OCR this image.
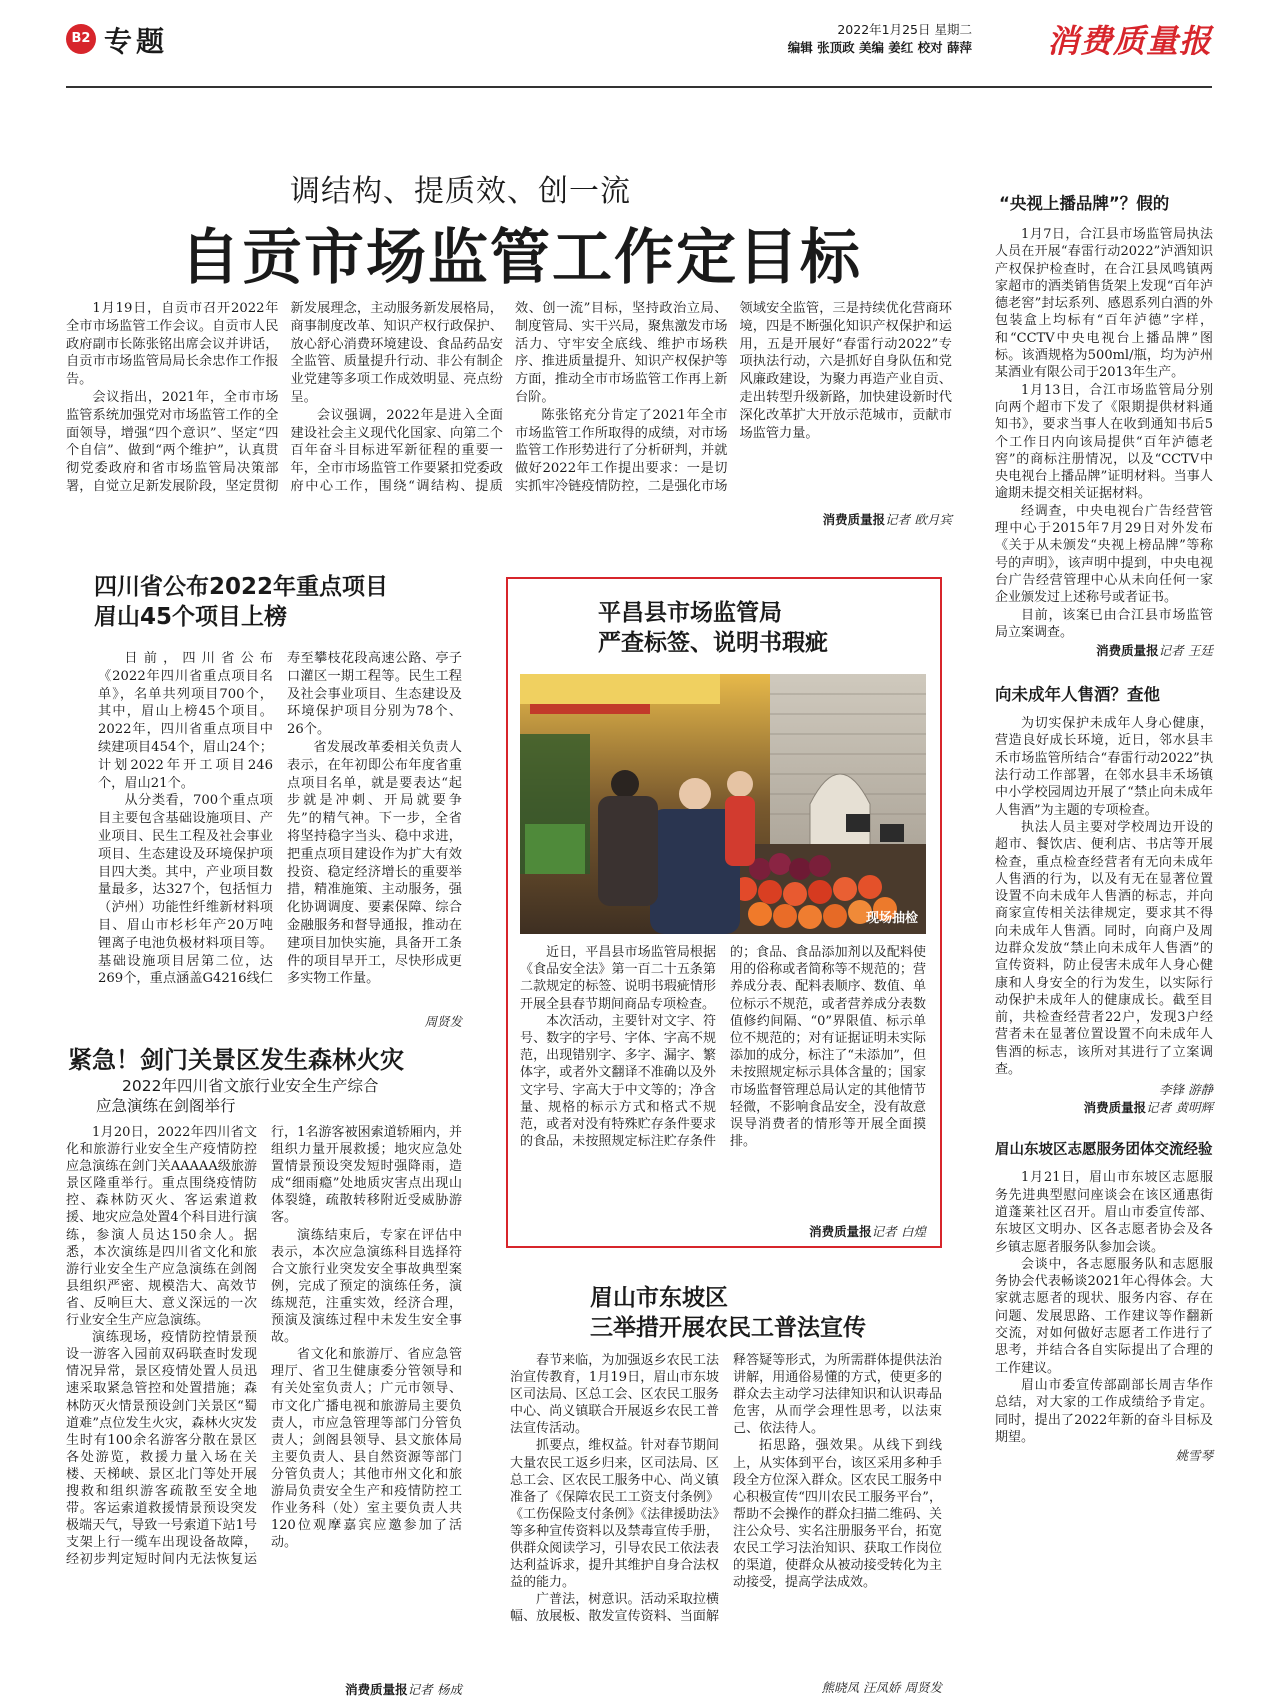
B2 专题	2022年1月25日 星期二
编辑 张顶政 美编 姜红 校对 薛萍 消费质量报
调结构、提质效、创一流
自贡市场监管工作定目标

1月19日，自贡市召开2022年全市市场监管工作会议。自贡市人民政府副市长陈张铭出席会议并讲话，自贡市市场监管局局长余忠作工作报告。

会议指出，2021年，全市市场监管系统加强党对市场监管工作的全面领导，增强“四个意识”、坚定“四个自信”、做到“两个维护”，认真贯彻党委政府和省市场监管局决策部署，自觉立足新发展阶段，坚定贯彻新发展理念，主动服务新发展格局，商事制度改革、知识产权行政保护、放心舒心消费环境建设、食品药品安全监管、质量提升行动、非公有制企业党建等多项工作成效明显、亮点纷呈。

会议强调，2022年是进入全面建设社会主义现代化国家、向第二个百年奋斗目标进军新征程的重要一年，全市市场监管工作要紧扣党委政府中心工作，围绕“调结构、提质效、创一流”目标，坚持政治立局、制度管局、实干兴局，聚焦激发市场活力、守牢安全底线、维护市场秩序、推进质量提升、知识产权保护等方面，推动全市市场监管工作再上新台阶。

陈张铭充分肯定了2021年全市市场监管工作所取得的成绩，对市场监管工作形势进行了分析研判，并就做好2022年工作提出要求：一是切实抓牢冷链疫情防控，二是强化市场领域安全监管，三是持续优化营商环境，四是不断强化知识产权保护和运用，五是开展好“春雷行动2022”专项执法行动，六是抓好自身队伍和党风廉政建设，为聚力再造产业自贡、走出转型升级新路，加快建设新时代深化改革扩大开放示范城市，贡献市场监管力量。

消费质量报记者 欧月宾
四川省公布2022年重点项目
眉山45个项目上榜

日前，四川省公布《2022年四川省重点项目名单》，名单共列项目700个，其中，眉山上榜45个项目。2022年，四川省重点项目中续建项目454个，眉山24个；计划2022年开工项目246个，眉山21个。

从分类看，700个重点项目主要包含基础设施项目、产业项目、民生工程及社会事业项目、生态建设及环境保护项目四大类。其中，产业项目数量最多，达327个，包括恒力（泸州）功能性纤维新材料项目、眉山市杉杉年产20万吨锂离子电池负极材料项目等。基础设施项目居第二位，达269个，重点涵盖G4216线仁寿至攀枝花段高速公路、亭子口灌区一期工程等。民生工程及社会事业项目、生态建设及环境保护项目分别为78个、26个。

省发展改革委相关负责人表示，在年初即公布年度省重点项目名单，就是要表达“起步就是冲刺、开局就要争先”的精气神。下一步，全省将坚持稳字当头、稳中求进，把重点项目建设作为扩大有效投资、稳定经济增长的重要举措，精准施策、主动服务，强化协调调度、要素保障、综合金融服务和督导通报，推动在建项目加快实施，具备开工条件的项目早开工，尽快形成更多实物工作量。

周贤发
紧急！剑门关景区发生森林火灾
2022年四川省文旅行业安全生产综合
应急演练在剑阁举行

1月20日，2022年四川省文化和旅游行业安全生产疫情防控应急演练在剑门关AAAAA级旅游景区隆重举行。重点围绕疫情防控、森林防灭火、客运索道救援、地灾应急处置4个科目进行演练，参演人员达150余人。据悉，本次演练是四川省文化和旅游行业安全生产应急演练在剑阁县组织严密、规模浩大、高效节省、反响巨大、意义深远的一次行业安全生产应急演练。

演练现场，疫情防控情景预设一游客入园前双码联查时发现情况异常，景区疫情处置人员迅速采取紧急管控和处置措施；森林防灭火情景预设剑门关景区“蜀道难”点位发生火灾，森林火灾发生时有100余名游客分散在景区各处游览，救援力量入场在关楼、天梯峡、景区北门等处开展搜救和组织游客疏散至安全地带。客运索道救援情景预设突发极端天气，导致一号索道下站1号支架上行一缆车出现设备故障，经初步判定短时间内无法恢复运行，1名游客被困索道轿厢内，并组织力量开展救援；地灾应急处置情景预设突发短时强降雨，造成“细雨瘾”处地质灾害点出现山体裂缝，疏散转移附近受威胁游客。

演练结束后，专家在评估中表示，本次应急演练科目选择符合文旅行业突发安全事故典型案例，完成了预定的演练任务，演练规范，注重实效，经济合理，预演及演练过程中未发生安全事故。

省文化和旅游厅、省应急管理厅、省卫生健康委分管领导和有关处室负责人；广元市领导、市文化广播电视和旅游局主要负责人，市应急管理等部门分管负责人；剑阁县领导、县文旅体局主要负责人、县自然资源等部门分管负责人；其他市州文化和旅游局负责安全生产和疫情防控工作业务科（处）室主要负责人共120位观摩嘉宾应邀参加了活动。

消费质量报记者 杨成
平昌县市场监管局
严查标签、说明书瑕疵
现场抽检

近日，平昌县市场监管局根据《食品安全法》第一百二十五条第二款规定的标签、说明书瑕疵情形开展全县春节期间商品专项检查。

本次活动，主要针对文字、符号、数字的字号、字体、字高不规范，出现错别字、多字、漏字、繁体字，或者外文翻译不准确以及外文字号、字高大于中文等的；净含量、规格的标示方式和格式不规范，或者对没有特殊贮存条件要求的食品，未按照规定标注贮存条件的；食品、食品添加剂以及配料使用的俗称或者简称等不规范的；营养成分表、配料表顺序、数值、单位标示不规范，或者营养成分表数值修约间隔、“0”界限值、标示单位不规范的；对有证据证明未实际添加的成分，标注了“未添加”，但未按照规定标示具体含量的；国家市场监督管理总局认定的其他情节轻微，不影响食品安全，没有故意误导消费者的情形等开展全面摸排。

消费质量报记者 白煌
眉山市东坡区
三举措开展农民工普法宣传

春节来临，为加强返乡农民工法治宣传教育，1月19日，眉山市东坡区司法局、区总工会、区农民工服务中心、尚义镇联合开展返乡农民工普法宣传活动。

抓要点，维权益。针对春节期间大量农民工返乡归来，区司法局、区总工会、区农民工服务中心、尚义镇准备了《保障农民工工资支付条例》《工伤保险支付条例》《法律援助法》等多种宣传资料以及禁毒宣传手册，供群众阅读学习，引导农民工依法表达利益诉求，提升其维护自身合法权益的能力。

广普法，树意识。活动采取拉横幅、放展板、散发宣传资料、当面解释答疑等形式，为所需群体提供法治讲解，用通俗易懂的方式，使更多的群众去主动学习法律知识和认识毒品危害，从而学会理性思考，以法束己、依法待人。

拓思路，强效果。从线下到线上，从实体到平台，该区采用多种手段全方位深入群众。区农民工服务中心积极宣传“四川农民工服务平台”，帮助不会操作的群众扫描二维码、关注公众号、实名注册服务平台，拓宽农民工学习法治知识、获取工作岗位的渠道，使群众从被动接受转化为主动接受，提高学法成效。

熊晓凤 汪凤娇 周贤发
“央视上播品牌”？假的

1月7日，合江县市场监管局执法人员在开展“春雷行动2022”泸酒知识产权保护检查时，在合江县凤鸣镇两家超市的酒类销售货架上发现“百年泸德老窖”封坛系列、感恩系列白酒的外包装盒上均标有“百年泸德”字样，和“CCTV中央电视台上播品牌”图标。该酒规格为500ml/瓶，均为泸州某酒业有限公司于2013年生产。

1月13日，合江市场监管局分别向两个超市下发了《限期提供材料通知书》，要求当事人在收到通知书后5个工作日内向该局提供“百年泸德老窖”的商标注册情况，以及“CCTV中央电视台上播品牌”证明材料。当事人逾期未提交相关证据材料。

经调查，中央电视台广告经营管理中心于2015年7月29日对外发布《关于从未颁发“央视上榜品牌”等称号的声明》，该声明中提到，中央电视台广告经营管理中心从未向任何一家企业颁发过上述称号或者证书。

目前，该案已由合江县市场监管局立案调查。

消费质量报记者 王廷
向未成年人售酒？查他

为切实保护未成年人身心健康，营造良好成长环境，近日，邻水县丰禾市场监管所结合“春雷行动2022”执法行动工作部署，在邻水县丰禾场镇中小学校园周边开展了“禁止向未成年人售酒”为主题的专项检查。

执法人员主要对学校周边开设的超市、餐饮店、便利店、书店等开展检查，重点检查经营者有无向未成年人售酒的行为，以及有无在显著位置设置不向未成年人售酒的标志，并向商家宣传相关法律规定，要求其不得向未成年人售酒。同时，向商户及周边群众发放“禁止向未成年人售酒”的宣传资料，防止侵害未成年人身心健康和人身安全的行为发生，以实际行动保护未成年人的健康成长。截至目前，共检查经营者22户，发现3户经营者未在显著位置设置不向未成年人售酒的标志，该所对其进行了立案调查。

李锋 游静
消费质量报记者 黄明辉
眉山东坡区志愿服务团体交流经验

1月21日，眉山市东坡区志愿服务先进典型慰问座谈会在该区通惠街道蓬莱社区召开。眉山市委宣传部、东坡区文明办、区各志愿者协会及各乡镇志愿者服务队参加会谈。

会谈中，各志愿服务队和志愿服务协会代表畅谈2021年心得体会。大家就志愿者的现状、服务内容、存在问题、发展思路、工作建议等作翻新交流，对如何做好志愿者工作进行了思考，并结合各自实际提出了合理的工作建议。

眉山市委宣传部副部长周吉华作总结，对大家的工作成绩给予肯定。同时，提出了2022年新的奋斗目标及期望。

姚雪琴
